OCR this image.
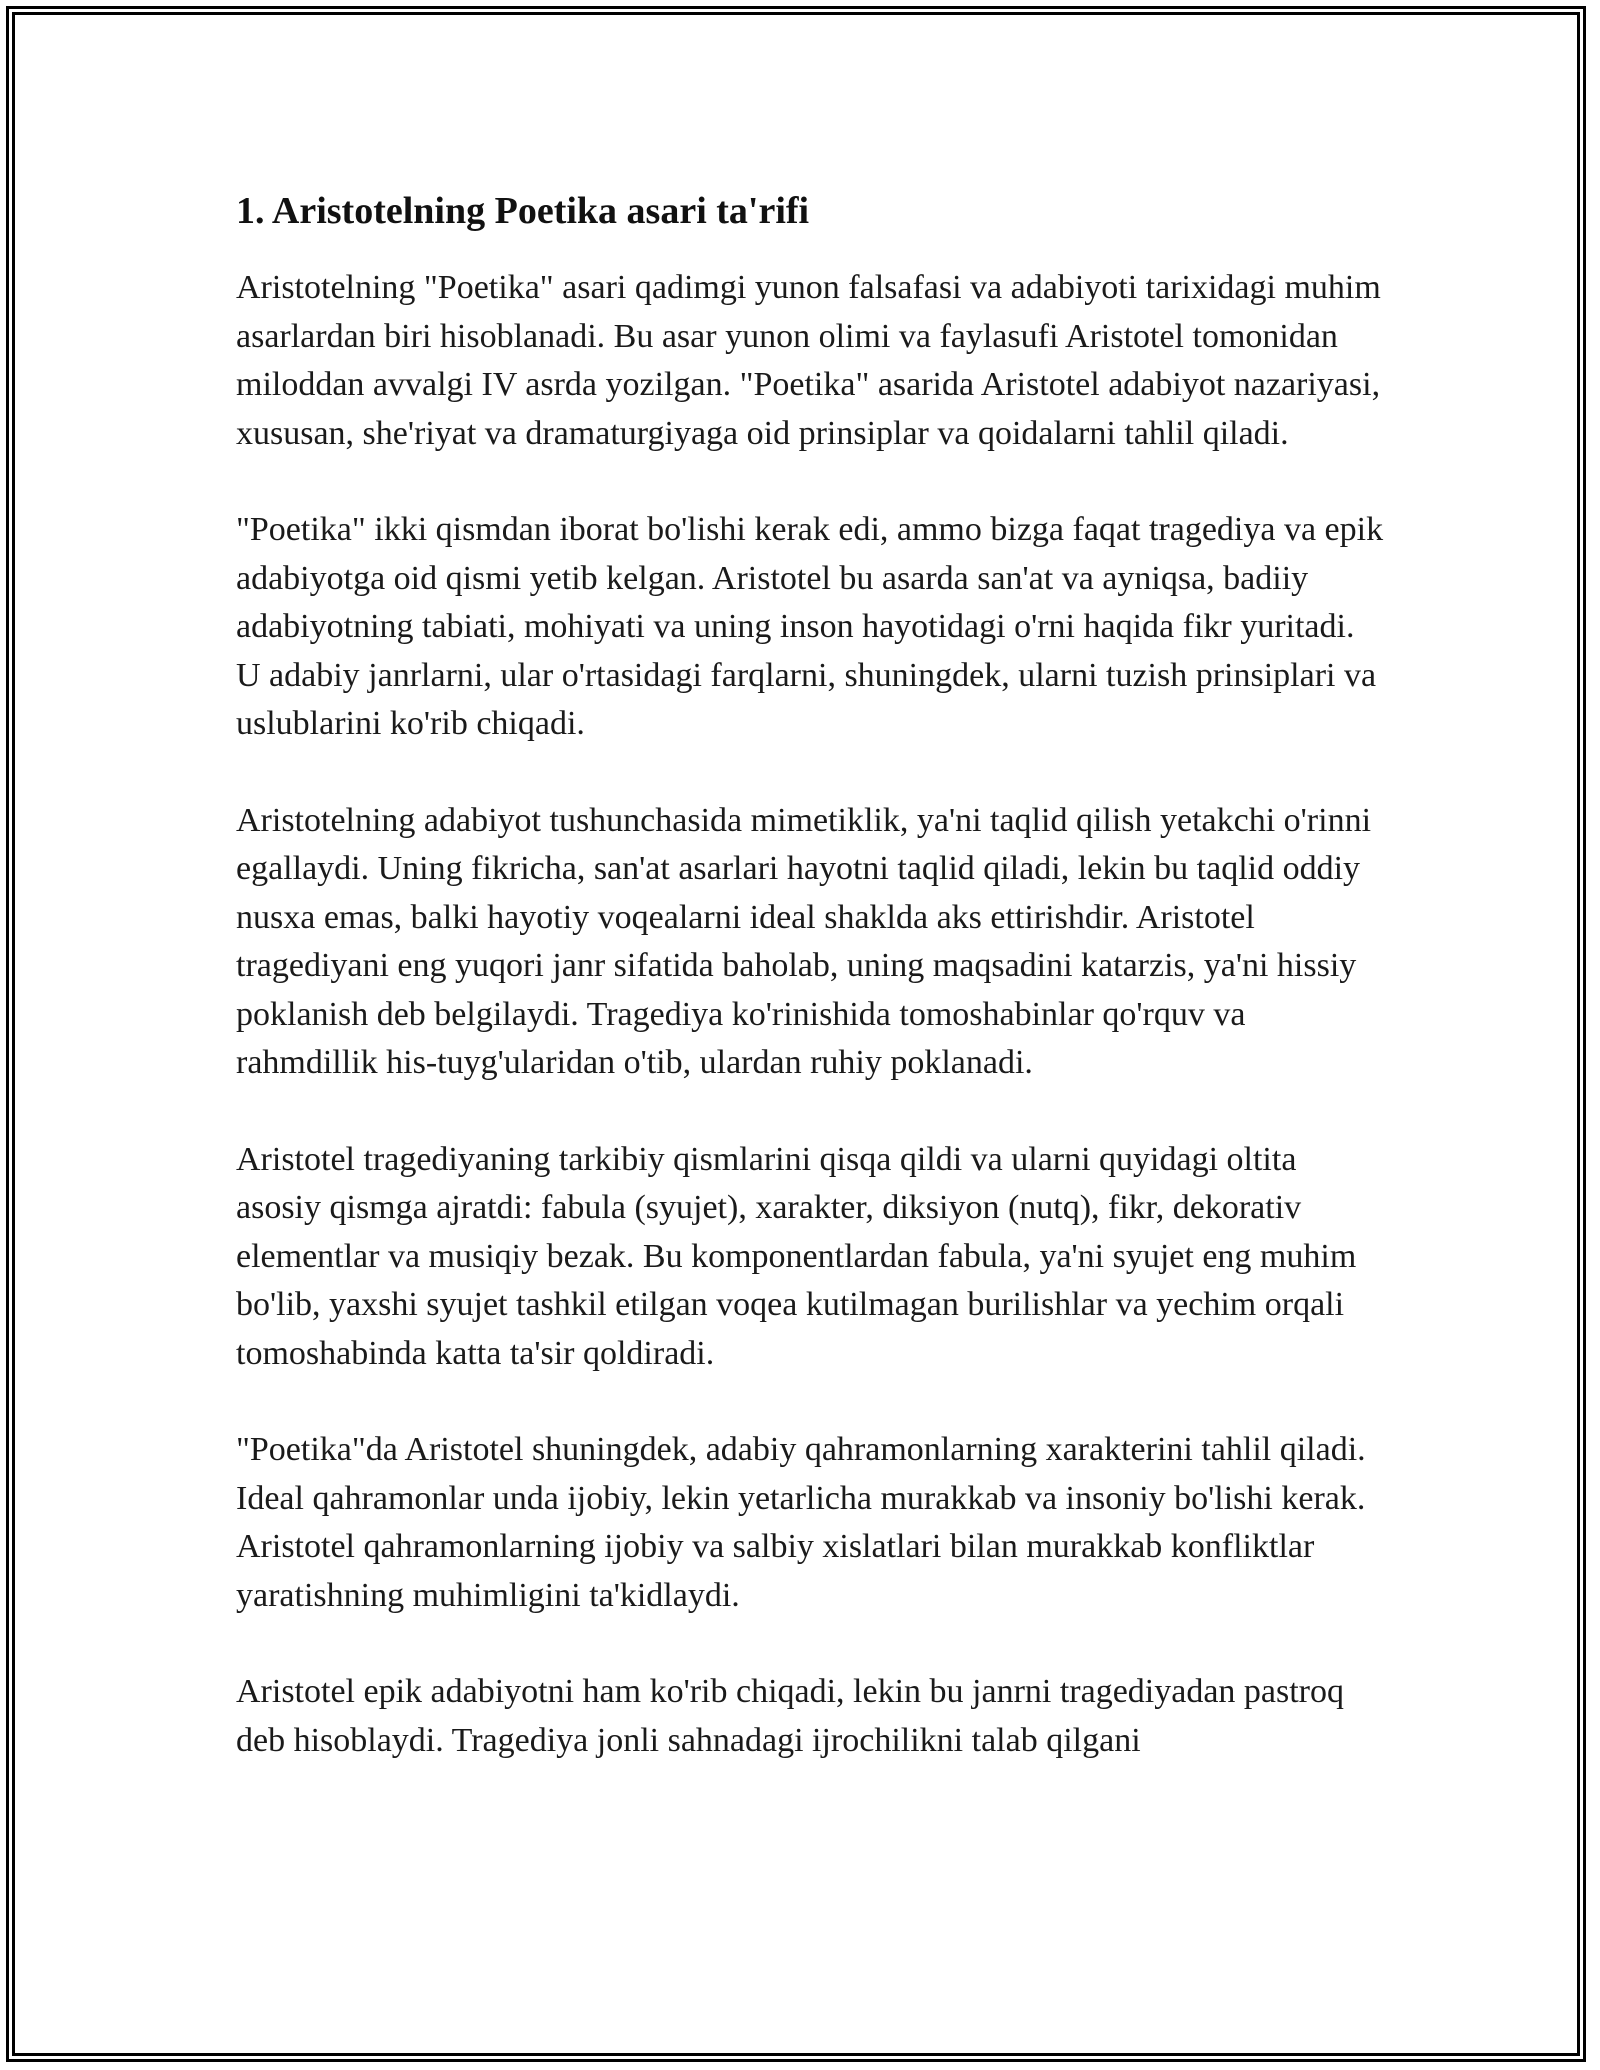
1. Aristotelning Poetika asari ta'rifi

Aristotelning "Poetika" asari qadimgi yunon falsafasi va adabiyoti tarixidagi muhim asarlardan biri hisoblanadi. Bu asar yunon olimi va faylasufi Aristotel tomonidan miloddan avvalgi IV asrda yozilgan. "Poetika" asarida Aristotel adabiyot nazariyasi, xususan, she'riyat va dramaturgiyaga oid prinsiplar va qoidalarni tahlil qiladi.

"Poetika" ikki qismdan iborat bo'lishi kerak edi, ammo bizga faqat tragediya va epik adabiyotga oid qismi yetib kelgan. Aristotel bu asarda san'at va ayniqsa, badiiy adabiyotning tabiati, mohiyati va uning inson hayotidagi o'rni haqida fikr yuritadi. U adabiy janrlarni, ular o'rtasidagi farqlarni, shuningdek, ularni tuzish prinsiplari va uslublarini ko'rib chiqadi.

Aristotelning adabiyot tushunchasida mimetiklik, ya'ni taqlid qilish yetakchi o'rinni egallaydi. Uning fikricha, san'at asarlari hayotni taqlid qiladi, lekin bu taqlid oddiy nusxa emas, balki hayotiy voqealarni ideal shaklda aks ettirishdir. Aristotel tragediyani eng yuqori janr sifatida baholab, uning maqsadini katarzis, ya'ni hissiy poklanish deb belgilaydi. Tragediya ko'rinishida tomoshabinlar qo'rquv va rahmdillik his-tuyg'ularidan o'tib, ulardan ruhiy poklanadi.

Aristotel tragediyaning tarkibiy qismlarini qisqa qildi va ularni quyidagi oltita asosiy qismga ajratdi: fabula (syujet), xarakter, diksiyon (nutq), fikr, dekorativ elementlar va musiqiy bezak. Bu komponentlardan fabula, ya'ni syujet eng muhim bo'lib, yaxshi syujet tashkil etilgan voqea kutilmagan burilishlar va yechim orqali tomoshabinda katta ta'sir qoldiradi.

"Poetika"da Aristotel shuningdek, adabiy qahramonlarning xarakterini tahlil qiladi. Ideal qahramonlar unda ijobiy, lekin yetarlicha murakkab va insoniy bo'lishi kerak. Aristotel qahramonlarning ijobiy va salbiy xislatlari bilan murakkab konfliktlar yaratishning muhimligini ta'kidlaydi.

Aristotel epik adabiyotni ham ko'rib chiqadi, lekin bu janrni tragediyadan pastroq deb hisoblaydi. Tragediya jonli sahnadagi ijrochilikni talab qilgani
